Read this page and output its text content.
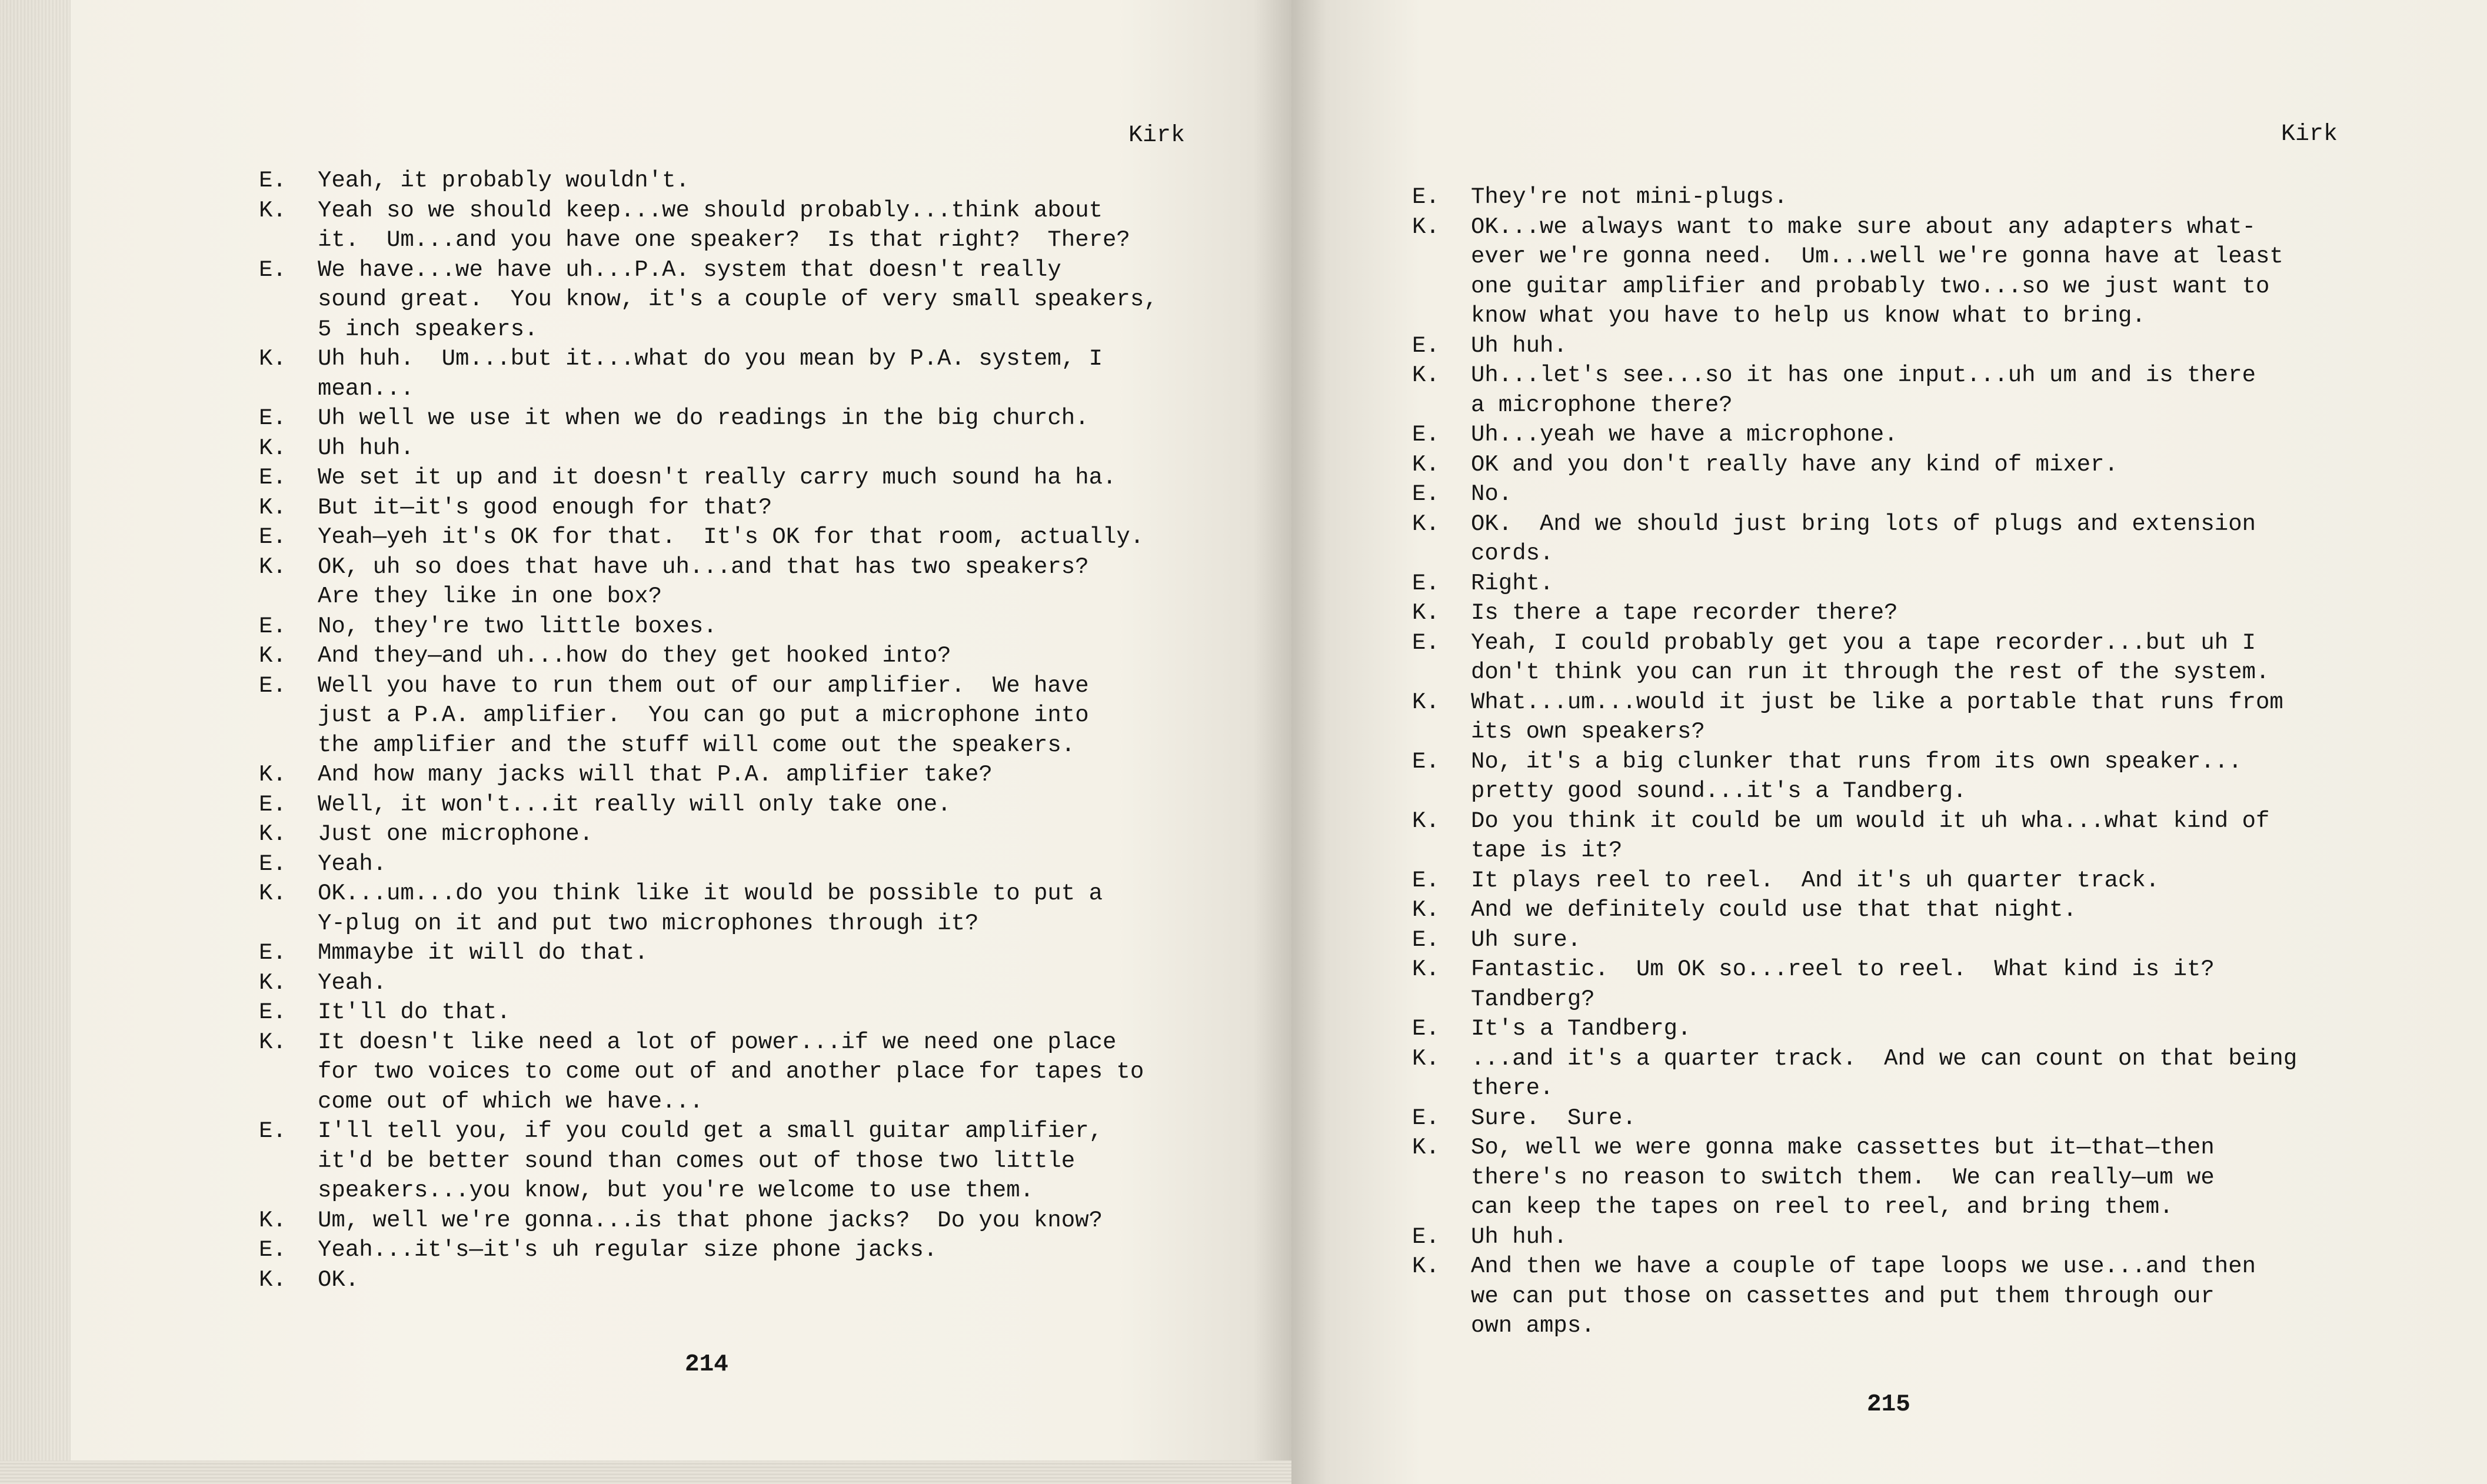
Kirk
E.	Yeah, it probably wouldn't.
K.	Yeah so we should keep...we should probably...think about
it.  Um...and you have one speaker?  Is that right?  There?
E.	We have...we have uh...P.A. system that doesn't really
sound great.  You know, it's a couple of very small speakers,
5 inch speakers.
K.	Uh huh.  Um...but it...what do you mean by P.A. system, I
mean...
E.	Uh well we use it when we do readings in the big church.
K.	Uh huh.
E.	We set it up and it doesn't really carry much sound ha ha.
K.	But it—it's good enough for that?
E.	Yeah—yeh it's OK for that.  It's OK for that room, actually.
K.	OK, uh so does that have uh...and that has two speakers?
Are they like in one box?
E.	No, they're two little boxes.
K.	And they—and uh...how do they get hooked into?
E.	Well you have to run them out of our amplifier.  We have
just a P.A. amplifier.  You can go put a microphone into
the amplifier and the stuff will come out the speakers.
K.	And how many jacks will that P.A. amplifier take?
E.	Well, it won't...it really will only take one.
K.	Just one microphone.
E.	Yeah.
K.	OK...um...do you think like it would be possible to put a
Y-plug on it and put two microphones through it?
E.	Mmmaybe it will do that.
K.	Yeah.
E.	It'll do that.
K.	It doesn't like need a lot of power...if we need one place
for two voices to come out of and another place for tapes to
come out of which we have...
E.	I'll tell you, if you could get a small guitar amplifier,
it'd be better sound than comes out of those two little
speakers...you know, but you're welcome to use them.
K.	Um, well we're gonna...is that phone jacks?  Do you know?
E.	Yeah...it's—it's uh regular size phone jacks.
K.	OK.
214
Kirk
E.	They're not mini-plugs.
K.	OK...we always want to make sure about any adapters what-
ever we're gonna need.  Um...well we're gonna have at least
one guitar amplifier and probably two...so we just want to
know what you have to help us know what to bring.
E.	Uh huh.
K.	Uh...let's see...so it has one input...uh um and is there
a microphone there?
E.	Uh...yeah we have a microphone.
K.	OK and you don't really have any kind of mixer.
E.	No.
K.	OK.  And we should just bring lots of plugs and extension
cords.
E.	Right.
K.	Is there a tape recorder there?
E.	Yeah, I could probably get you a tape recorder...but uh I
don't think you can run it through the rest of the system.
K.	What...um...would it just be like a portable that runs from
its own speakers?
E.	No, it's a big clunker that runs from its own speaker...
pretty good sound...it's a Tandberg.
K.	Do you think it could be um would it uh wha...what kind of
tape is it?
E.	It plays reel to reel.  And it's uh quarter track.
K.	And we definitely could use that that night.
E.	Uh sure.
K.	Fantastic.  Um OK so...reel to reel.  What kind is it?
Tandberg?
E.	It's a Tandberg.
K.	...and it's a quarter track.  And we can count on that being
there.
E.	Sure.  Sure.
K.	So, well we were gonna make cassettes but it—that—then
there's no reason to switch them.  We can really—um we
can keep the tapes on reel to reel, and bring them.
E.	Uh huh.
K.	And then we have a couple of tape loops we use...and then
we can put those on cassettes and put them through our
own amps.
215
